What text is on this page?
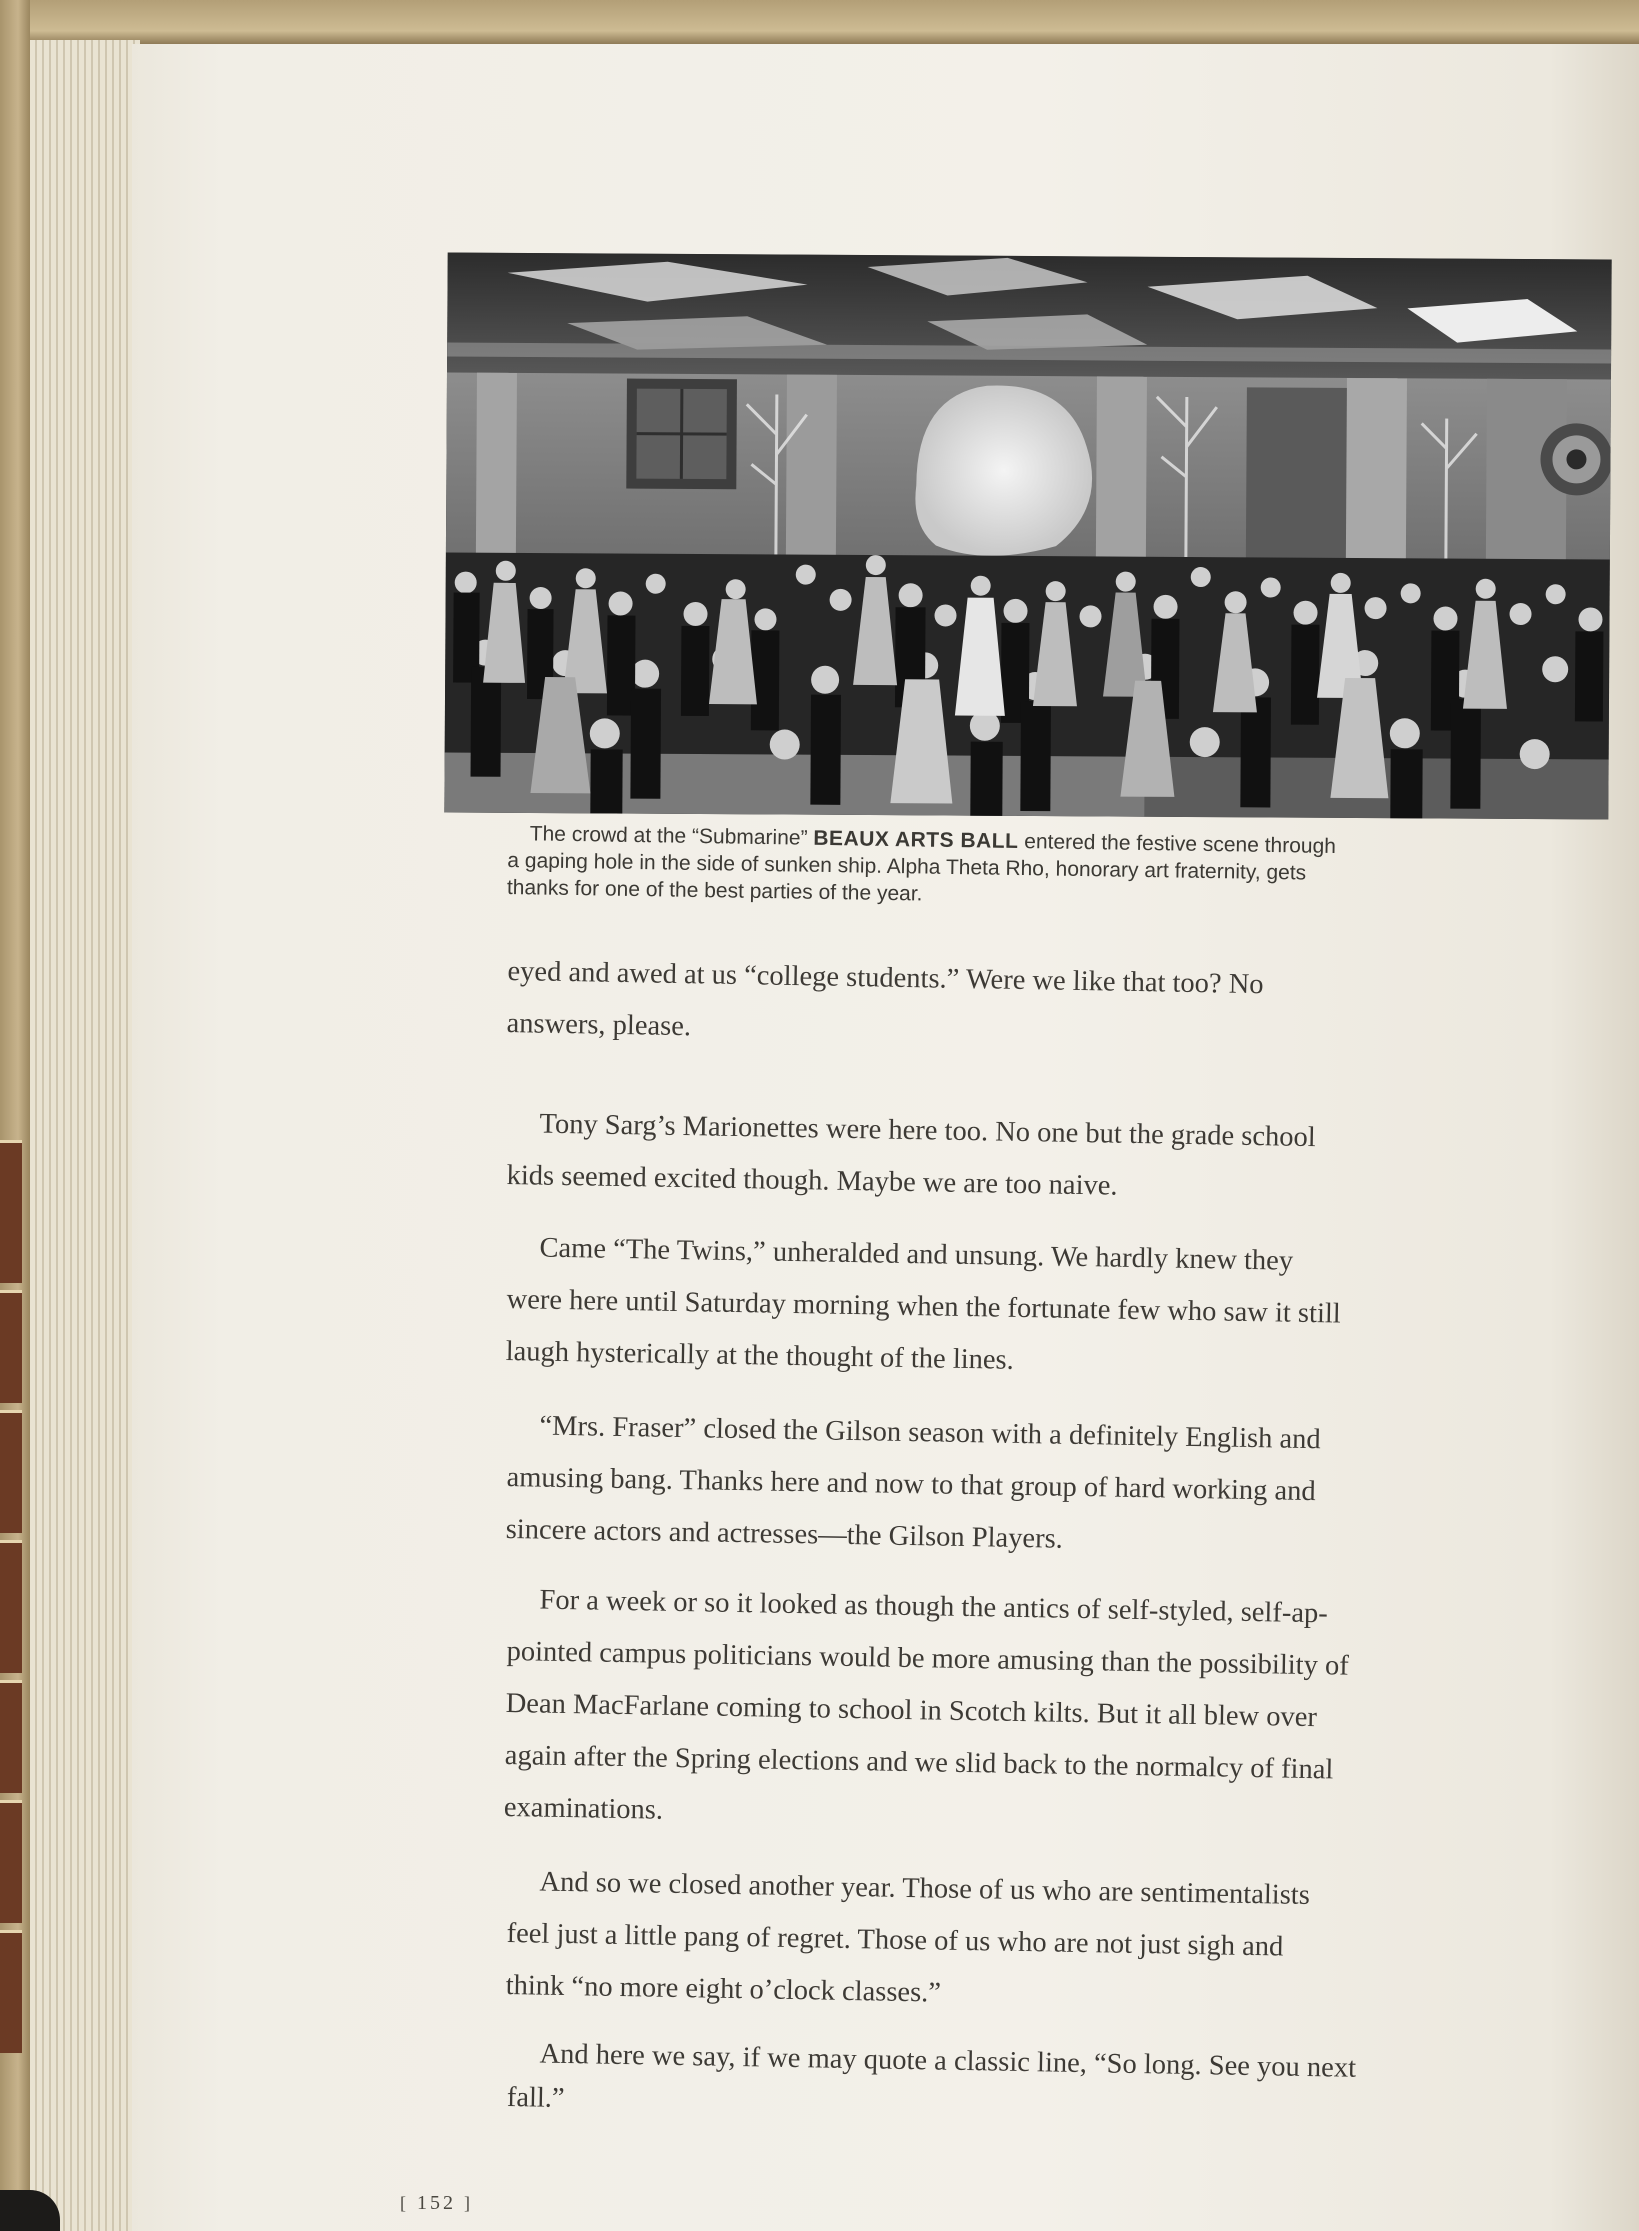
The crowd at the “Submarine” BEAUX ARTS BALL entered the festive scene through
a gaping hole in the side of sunken ship. Alpha Theta Rho, honorary art fraternity, gets
thanks for one of the best parties of the year.
eyed and awed at us “college students.” Were we like that too? No
answers, please.
Tony Sarg’s Marionettes were here too. No one but the grade school
kids seemed excited though. Maybe we are too naive.
Came “The Twins,” unheralded and unsung. We hardly knew they
were here until Saturday morning when the fortunate few who saw it still
laugh hysterically at the thought of the lines.
“Mrs. Fraser” closed the Gilson season with a definitely English and
amusing bang. Thanks here and now to that group of hard working and
sincere actors and actresses—the Gilson Players.
For a week or so it looked as though the antics of self-styled, self-ap-
pointed campus politicians would be more amusing than the possibility of
Dean MacFarlane coming to school in Scotch kilts. But it all blew over
again after the Spring elections and we slid back to the normalcy of final
examinations.
And so we closed another year. Those of us who are sentimentalists
feel just a little pang of regret. Those of us who are not just sigh and
think “no more eight o’clock classes.”
And here we say, if we may quote a classic line, “So long. See you next
fall.”
[ 152 ]
